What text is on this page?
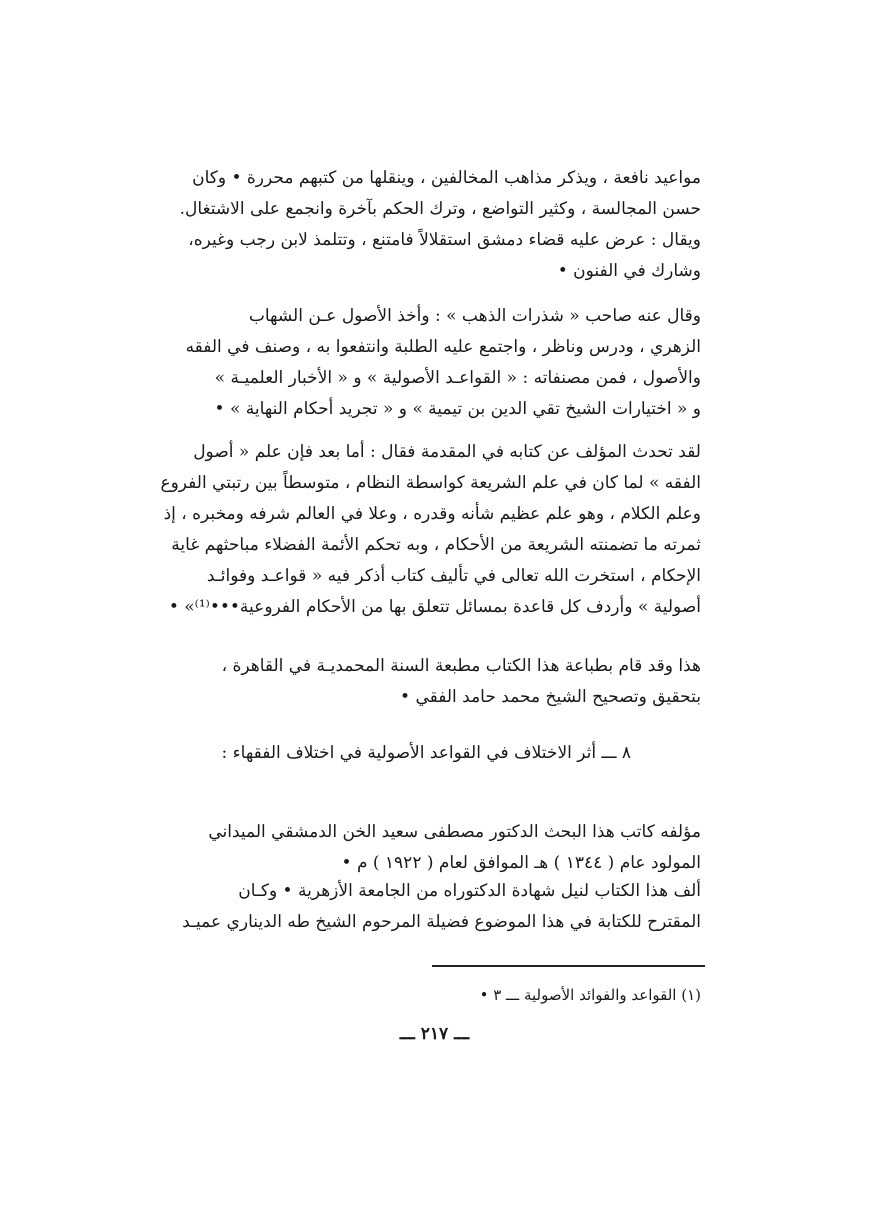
مواعيد نافعة ، ويذكر مذاهب المخالفين ، وينقلها من كتبهم محررة • وكان
حسن المجالسة ، وكثير التواضع ، وترك الحكم بآخرة وانجمع على الاشتغال.
ويقال : عرض عليه قضاء دمشق استقلالاً فامتنع ، وتتلمذ لابن رجب وغيره،
وشارك في الفنون •
وقال عنه صاحب « شذرات الذهب » : وأخذ الأصول عـن الشهاب
الزهري ، ودرس وناظر ، واجتمع عليه الطلبة وانتفعوا به ، وصنف في الفقه
والأصول ، فمن مصنفاته : « القواعـد الأصولية » و « الأخبار العلميـة »
و « اختيارات الشيخ تقي الدين بن تيمية » و « تجريد أحكام النهاية » •
لقد تحدث المؤلف عن كتابه في المقدمة فقال : أما بعد فإن علم « أصول
الفقه » لما كان في علم الشريعة كواسطة النظام ، متوسطاً بين رتبتي الفروع
وعلم الكلام ، وهو علم عظيم شأنه وقدره ، وعلا في العالم شرفه ومخبره ، إذ
ثمرته ما تضمنته الشريعة من الأحكام ، وبه تحكم الأئمة الفضلاء مباحثهم غاية
الإحكام ، استخرت الله تعالى في تأليف كتاب أذكر فيه « قواعـد وفوائـد
أصولية » وأردف كل قاعدة بمسائل تتعلق بها من الأحكام الفروعية•••⁽¹⁾» •
هذا وقد قام بطباعة هذا الكتاب مطبعة السنة المحمديـة في القاهرة ،
بتحقيق وتصحيح الشيخ محمد حامد الفقي •
٨ ـــ أثر الاختلاف في القواعد الأصولية في اختلاف الفقهاء :
مؤلفه كاتب هذا البحث الدكتور مصطفى سعيد الخن الدمشقي الميداني
المولود عام ( ١٣٤٤ ) هـ الموافق لعام ( ١٩٢٢ ) م •
ألف هذا الكتاب لنيل شهادة الدكتوراه من الجامعة الأزهرية • وكـان
المقترح للكتابة في هذا الموضوع فضيلة المرحوم الشيخ طه الديناري عميـد
(١) القواعد والفوائد الأصولية ـــ ٣ •
ـــ ٢١٧ ـــ
